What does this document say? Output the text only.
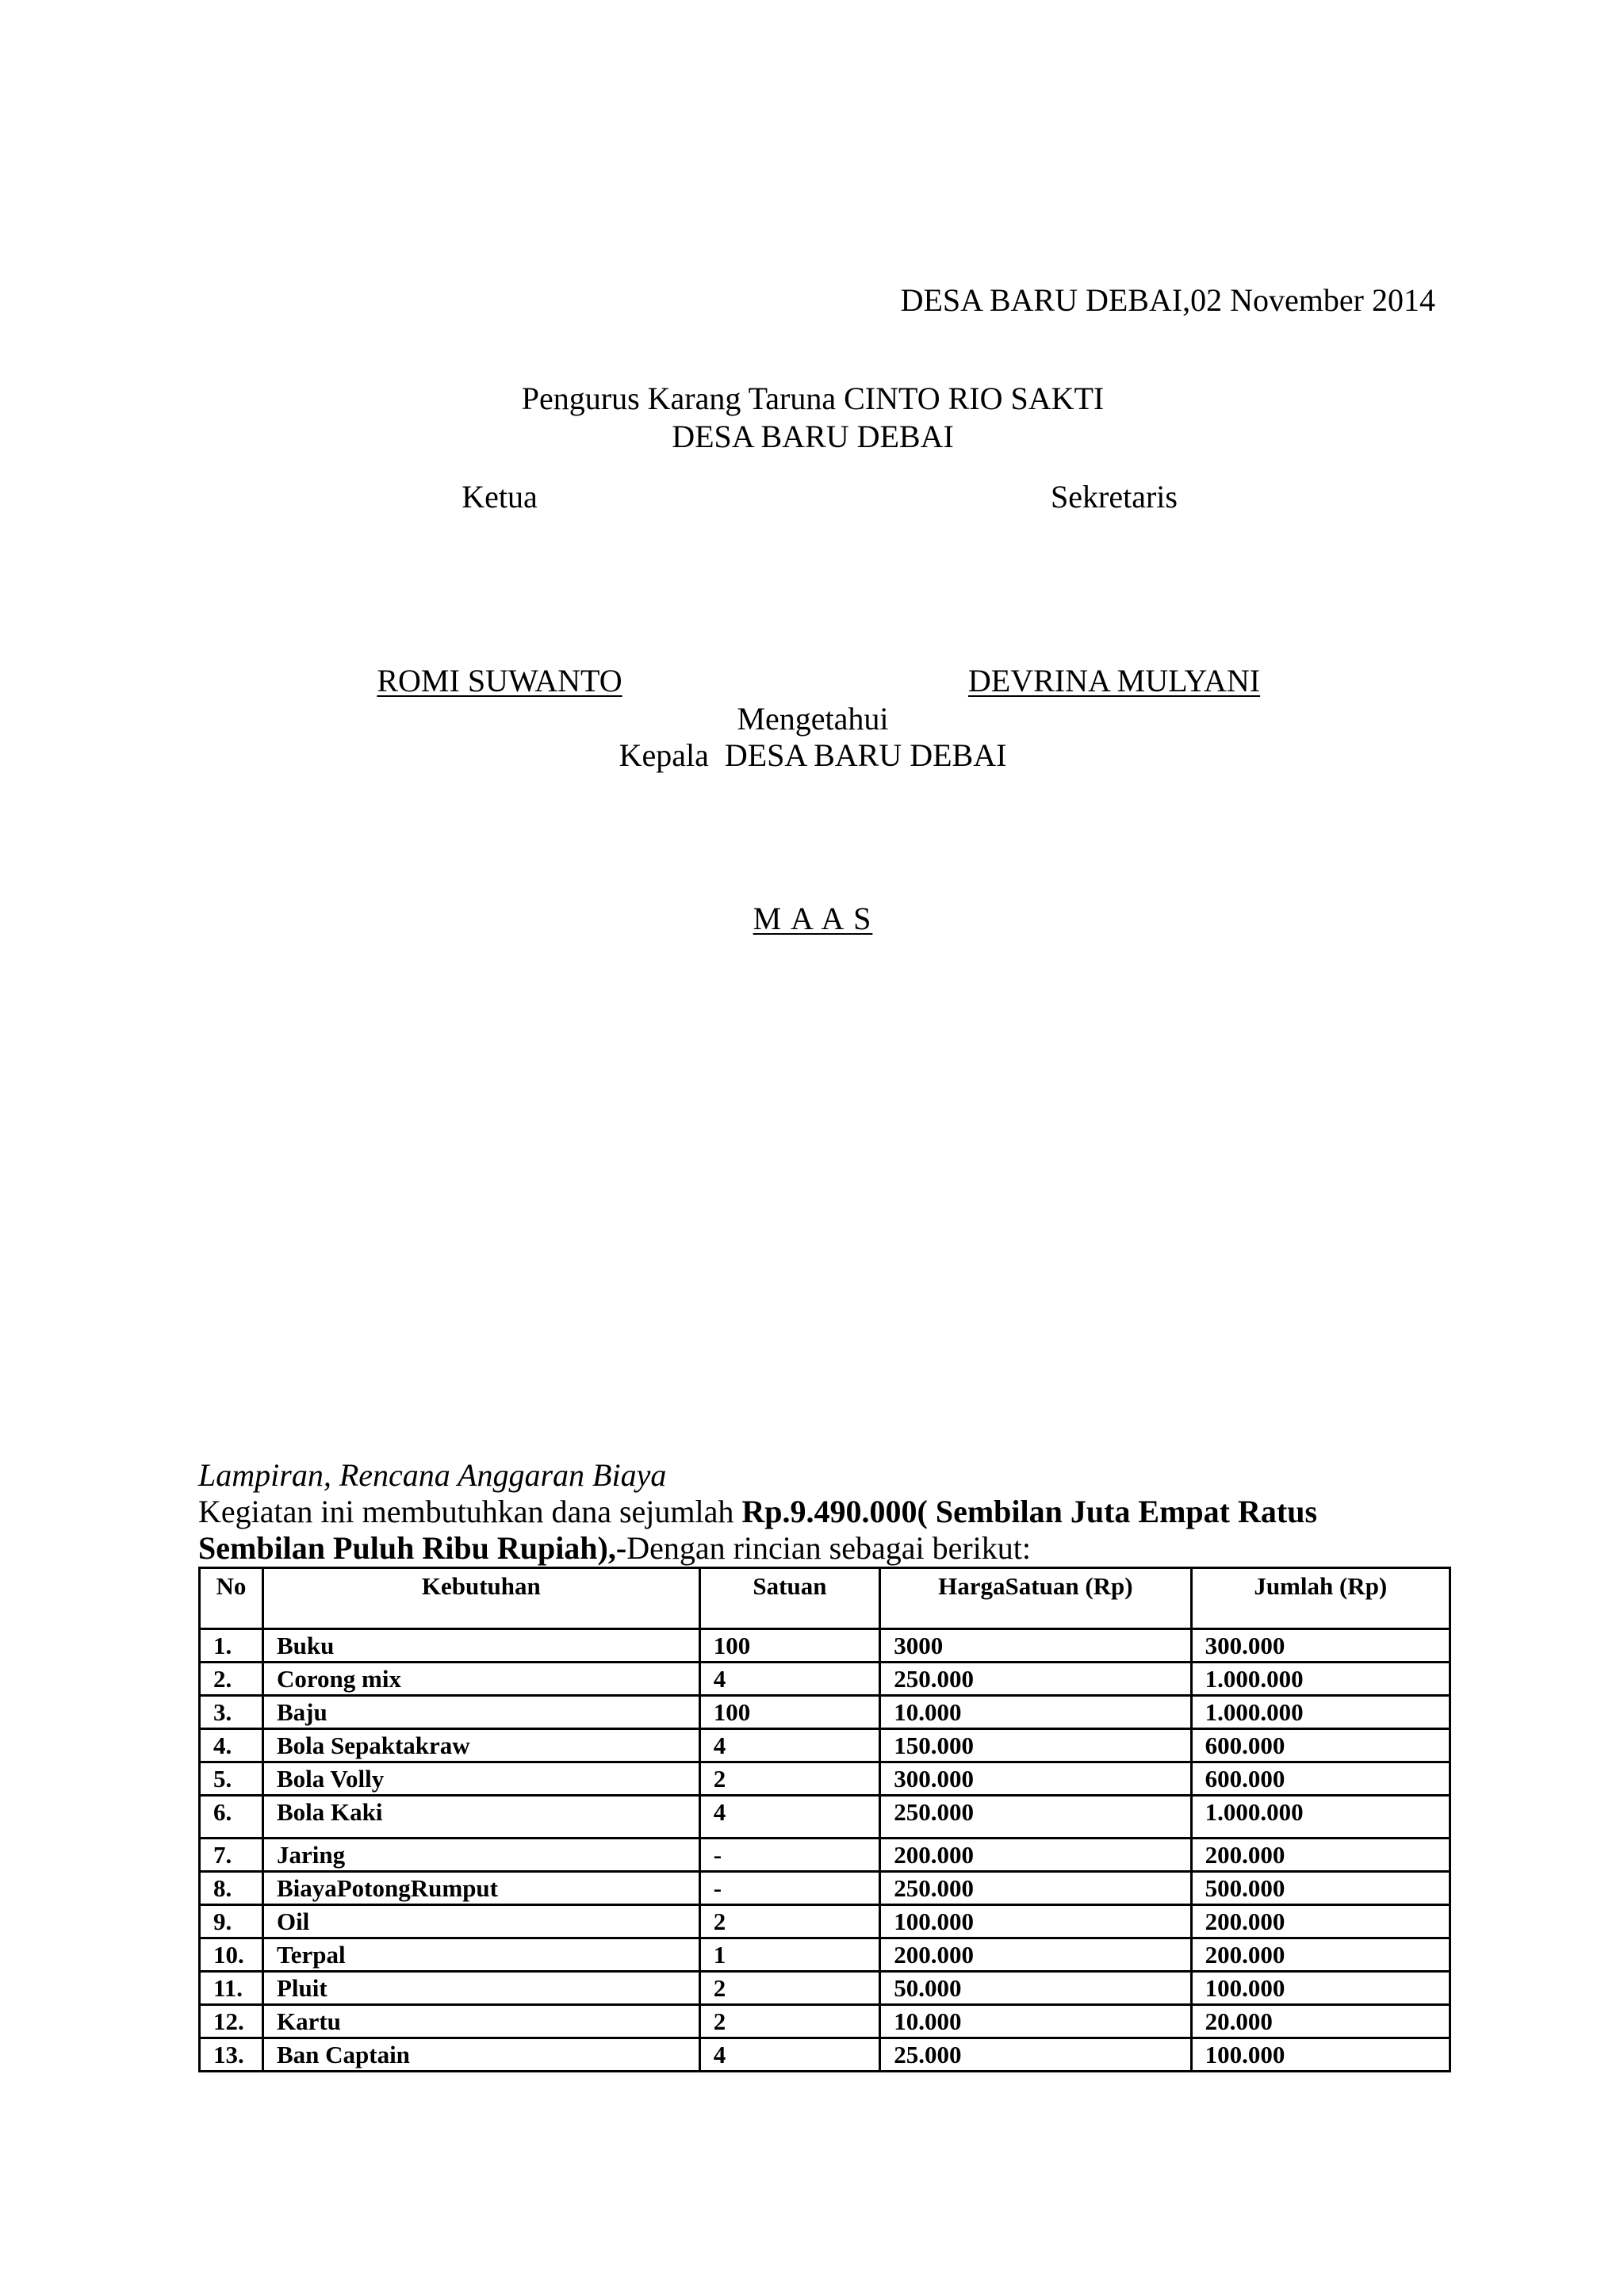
DESA BARU DEBAI,02 November 2014
Pengurus Karang Taruna CINTO RIO SAKTI
DESA BARU DEBAI
Ketua	Sekretaris
ROMI SUWANTO	DEVRINA MULYANI
Mengetahui
Kepala  DESA BARU DEBAI
M A A S
Lampiran, Rencana Anggaran Biaya
Kegiatan ini membutuhkan dana sejumlah Rp.9.490.000( Sembilan Juta Empat Ratus
Sembilan Puluh Ribu Rupiah),-Dengan rincian sebagai berikut:
No	Kebutuhan	Satuan	HargaSatuan (Rp)	Jumlah (Rp)
1.	Buku	100	3000	300.000
2.	Corong mix	4	250.000	1.000.000
3.	Baju	100	10.000	1.000.000
4.	Bola Sepaktakraw	4	150.000	600.000
5.	Bola Volly	2	300.000	600.000
6.	Bola Kaki	4	250.000	1.000.000
7.	Jaring	-	200.000	200.000
8.	BiayaPotongRumput	-	250.000	500.000
9.	Oil	2	100.000	200.000
10.	Terpal	1	200.000	200.000
11.	Pluit	2	50.000	100.000
12.	Kartu	2	10.000	20.000
13.	Ban Captain	4	25.000	100.000
